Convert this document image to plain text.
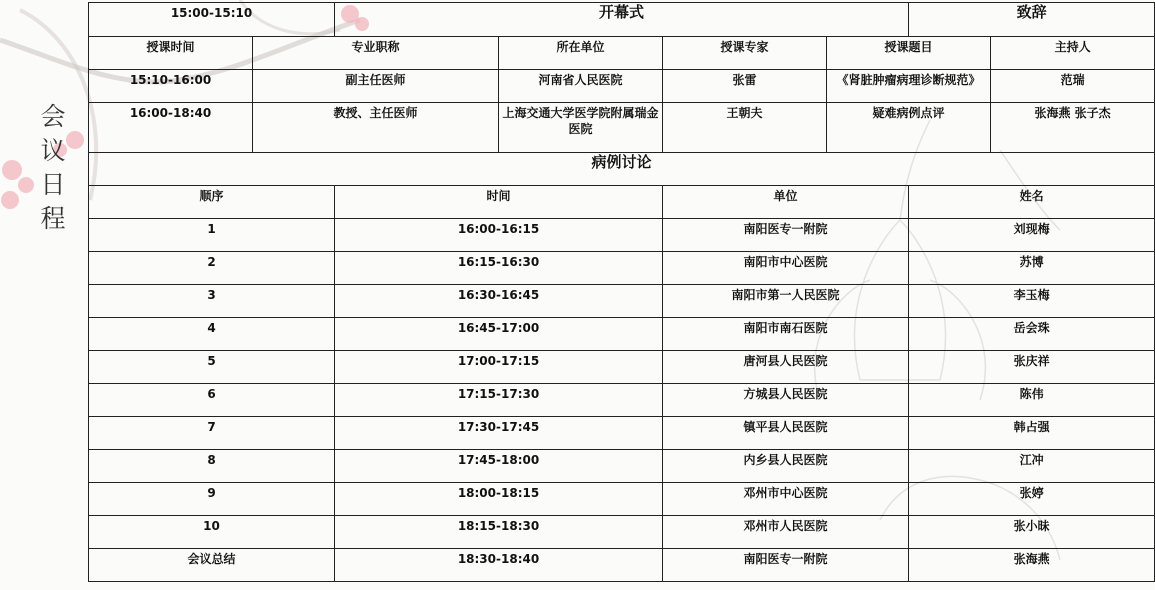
会
议
日
程
15:00-15:10		开幕式				致辞	
授课时间	专业职称		所在单位	授课专家	授课题目		主持人
15:10-16:00	副主任医师		河南省人民医院	张雷	《肾脏肿瘤病理诊断规范》		范瑞
16:00-18:40	教授、主任医师		上海交通大学医学院附属瑞金医院	王朝夫	疑难病例点评		张海燕 张子杰
病例讨论							
顺序		时间		单位		姓名	
1		16:00-16:15		南阳医专一附院		刘现梅	
2		16:15-16:30		南阳市中心医院		苏博	
3		16:30-16:45		南阳市第一人民医院		李玉梅	
4		16:45-17:00		南阳市南石医院		岳会珠	
5		17:00-17:15		唐河县人民医院		张庆祥	
6		17:15-17:30		方城县人民医院		陈伟	
7		17:30-17:45		镇平县人民医院		韩占强	
8		17:45-18:00		内乡县人民医院		江冲	
9		18:00-18:15		邓州市中心医院		张婷	
10		18:15-18:30		邓州市人民医院		张小昧	
会议总结		18:30-18:40		南阳医专一附院		张海燕	
